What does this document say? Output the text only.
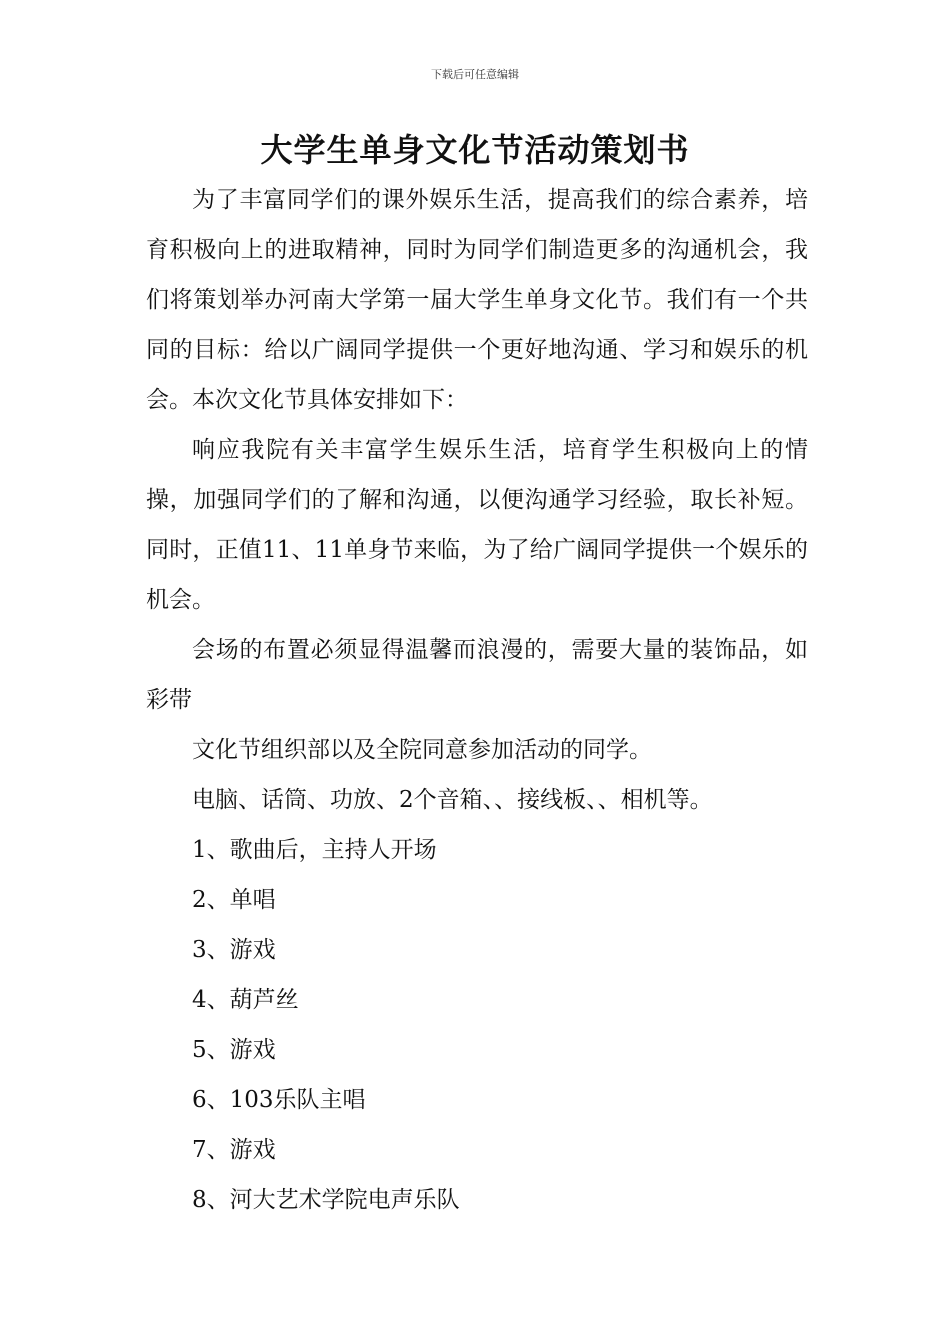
下载后可任意编辑
大学生单身文化节活动策划书

为了丰富同学们的课外娱乐生活，提高我们的综合素养，培育积极向上的进取精神，同时为同学们制造更多的沟通机会，我们将策划举办河南大学第一届大学生单身文化节。我们有一个共同的目标：给以广阔同学提供一个更好地沟通、学习和娱乐的机会。本次文化节具体安排如下：

响应我院有关丰富学生娱乐生活，培育学生积极向上的情操，加强同学们的了解和沟通，以便沟通学习经验，取长补短。同时，正值11、11单身节来临，为了给广阔同学提供一个娱乐的机会。

会场的布置必须显得温馨而浪漫的，需要大量的装饰品，如彩带

文化节组织部以及全院同意参加活动的同学。
电脑、话筒、功放、2个音箱、、接线板、、相机等。
1、歌曲后，主持人开场
2、单唱
3、游戏
4、葫芦丝
5、游戏
6、103乐队主唱
7、游戏
8、河大艺术学院电声乐队
